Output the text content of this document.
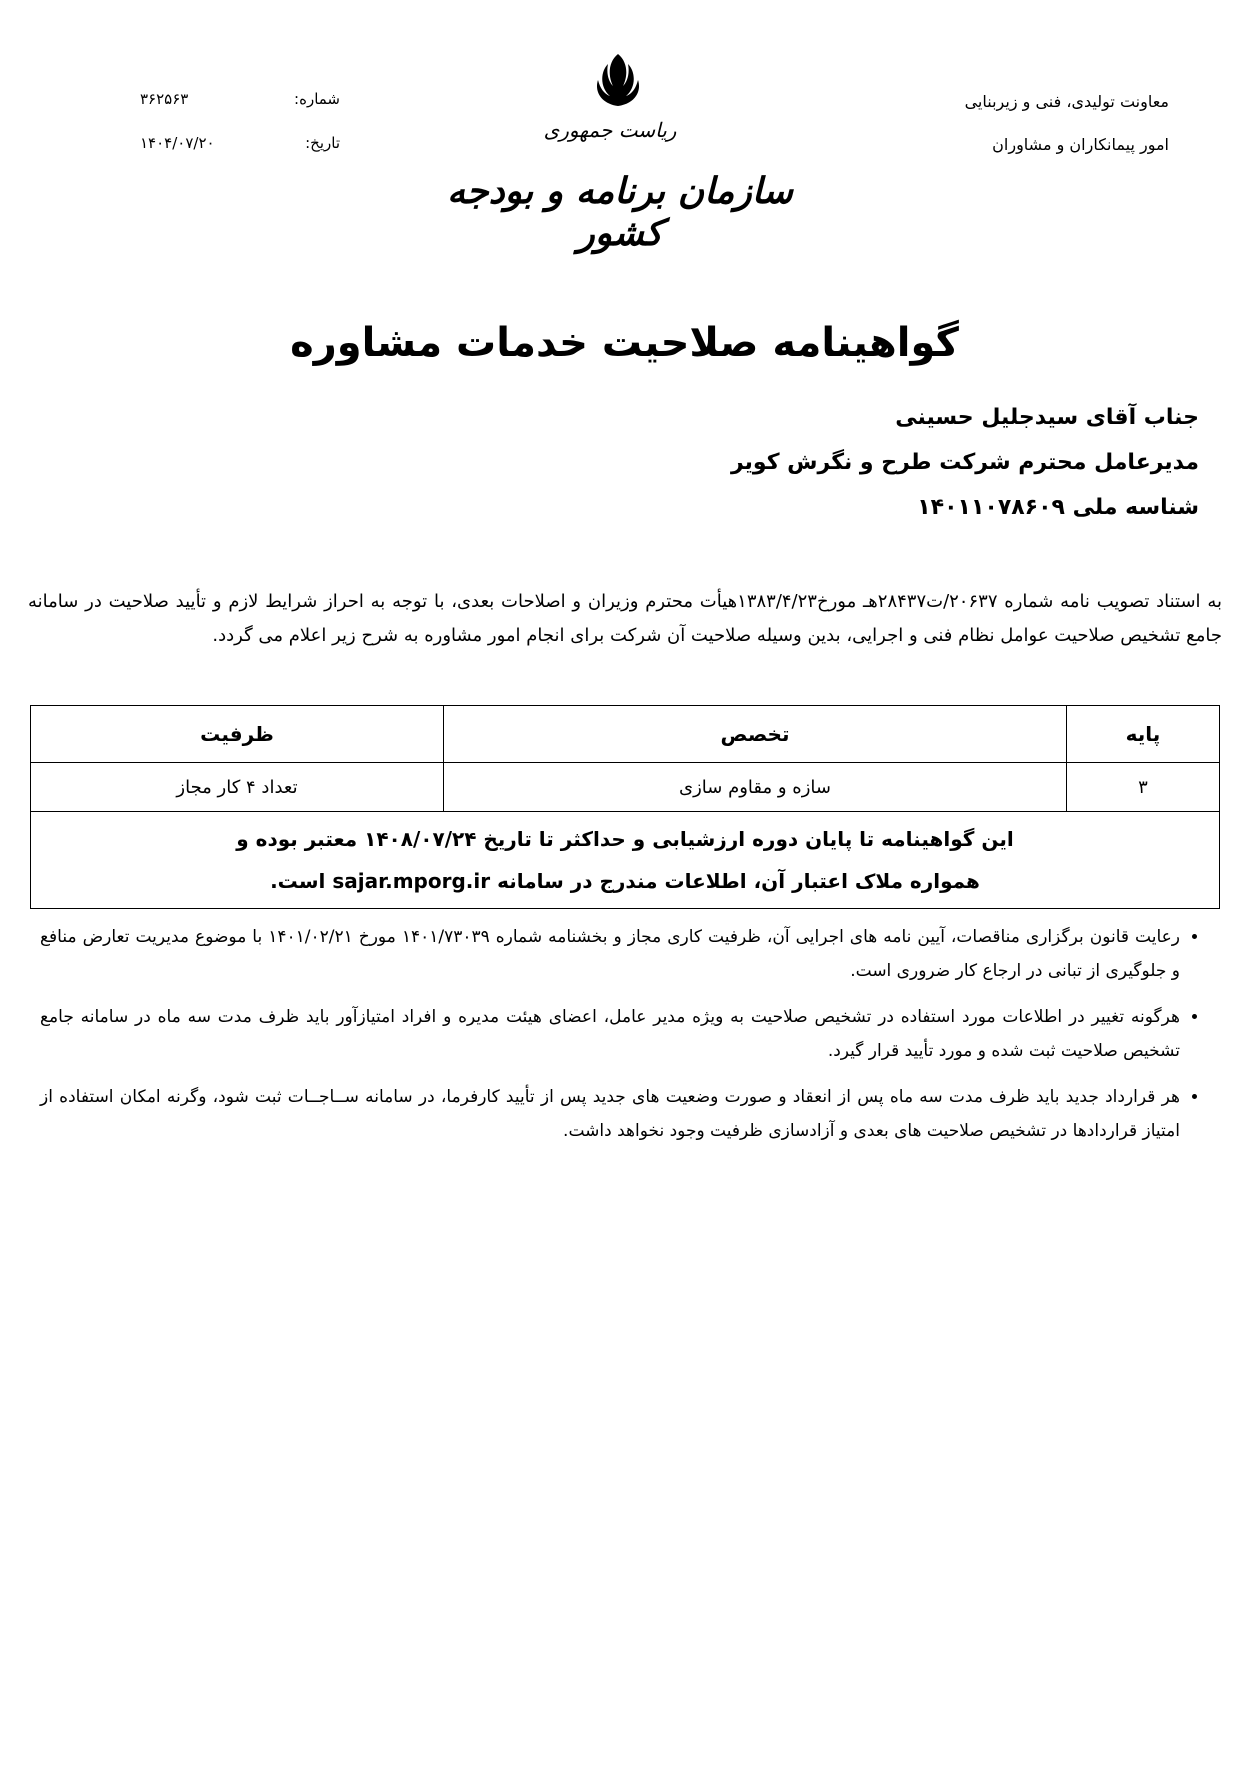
معاونت تولیدی، فنی و زیربنایی
امور پیمانکاران و مشاوران
ریاست جمهوری
سازمان برنامه و بودجه کشور
شماره:
۳۶۲۵۶۳
تاریخ:
۱۴۰۴/۰۷/۲۰
گواهینامه صلاحیت خدمات مشاوره
جناب آقای سیدجلیل حسینی
مدیرعامل محترم شرکت طرح و نگرش کویر
شناسه ملی ۱۴۰۱۱۰۷۸۶۰۹
به استناد تصویب نامه شماره ۲۰۶۳۷/ت۲۸۴۳۷هـ مورخ۱۳۸۳/۴/۲۳هیأت محترم وزیران و اصلاحات بعدی، با توجه به احراز شرایط لازم و تأیید صلاحیت در سامانه جامع تشخیص صلاحیت عوامل نظام فنی و اجرایی، بدین وسیله صلاحیت آن شرکت برای انجام امور مشاوره به شرح زیر اعلام می گردد.
پایه	تخصص	ظرفیت
۳	سازه و مقاوم سازی	تعداد ۴ کار مجاز

این گواهینامه تا پایان دوره ارزشیابی و حداکثر تا تاریخ ۱۴۰۸/۰۷/۲۴ معتبر بوده و
همواره ملاک اعتبار آن، اطلاعات مندرج در سامانه sajar.mporg.ir است.		
• رعایت قانون برگزاری مناقصات، آیین نامه های اجرایی آن، ظرفیت کاری مجاز و بخشنامه شماره ۱۴۰۱/۷۳۰۳۹ مورخ ۱۴۰۱/۰۲/۲۱ با موضوع مدیریت تعارض منافع و جلوگیری از تبانی در ارجاع کار ضروری است.
• هرگونه تغییر در اطلاعات مورد استفاده در تشخیص صلاحیت به ویژه مدیر عامل، اعضای هیئت مدیره و افراد امتیازآور باید ظرف مدت سه ماه در سامانه جامع تشخیص صلاحیت ثبت شده و مورد تأیید قرار گیرد.
• هر قرارداد جدید باید ظرف مدت سه ماه پس از انعقاد و صورت وضعیت های جدید پس از تأیید کارفرما، در سامانه ســاجــات ثبت شود، وگرنه امکان استفاده از امتیاز قراردادها در تشخیص صلاحیت های بعدی و آزادسازی ظرفیت وجود نخواهد داشت.
